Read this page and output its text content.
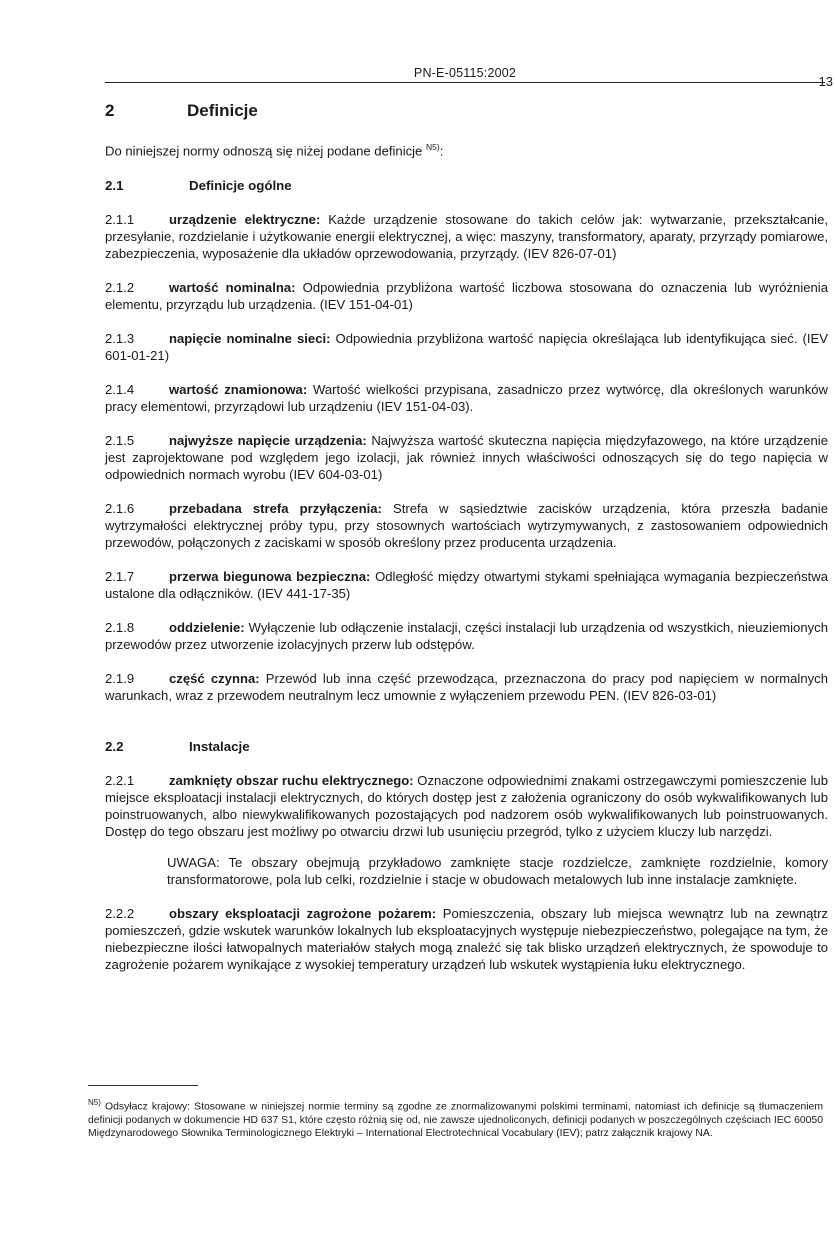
PN-E-05115:2002
13
2	Definicje
Do niniejszej normy odnoszą się niżej podane definicje $^{N5)}$:
2.1	Definicje ogólne
2.1.1	urządzenie elektryczne: Każde urządzenie stosowane do takich celów jak: wytwarzanie, przekształcanie, przesyłanie, rozdzielanie i użytkowanie energii elektrycznej, a więc: maszyny, transformatory, aparaty, przyrządy pomiarowe, zabezpieczenia, wyposażenie dla układów oprzewodowania, przyrządy. (IEV 826-07-01)
2.1.2	wartość nominalna: Odpowiednia przybliżona wartość liczbowa stosowana do oznaczenia lub wyróżnienia elementu, przyrządu lub urządzenia. (IEV 151-04-01)
2.1.3	napięcie nominalne sieci: Odpowiednia przybliżona wartość napięcia określająca lub identyfikująca sieć. (IEV 601-01-21)
2.1.4	wartość znamionowa: Wartość wielkości przypisana, zasadniczo przez wytwórcę, dla określonych warunków pracy elementowi, przyrządowi lub urządzeniu (IEV 151-04-03).
2.1.5	najwyższe napięcie urządzenia: Najwyższa wartość skuteczna napięcia międzyfazowego, na które urządzenie jest zaprojektowane pod względem jego izolacji, jak również innych właściwości odnoszących się do tego napięcia w odpowiednich normach wyrobu (IEV 604-03-01)
2.1.6	przebadana strefa przyłączenia: Strefa w sąsiedztwie zacisków urządzenia, która przeszła badanie wytrzymałości elektrycznej próby typu, przy stosownych wartościach wytrzymywanych, z zastosowaniem odpowiednich przewodów, połączonych z zaciskami w sposób określony przez producenta urządzenia.
2.1.7	przerwa biegunowa bezpieczna: Odległość między otwartymi stykami spełniająca wymagania bezpieczeństwa ustalone dla odłączników. (IEV 441-17-35)
2.1.8	oddzielenie: Wyłączenie lub odłączenie instalacji, części instalacji lub urządzenia od wszystkich, nieuziemionych przewodów przez utworzenie izolacyjnych przerw lub odstępów.
2.1.9	część czynna: Przewód lub inna część przewodząca, przeznaczona do pracy pod napięciem w normalnych warunkach, wraz z przewodem neutralnym lecz umownie z wyłączeniem przewodu PEN. (IEV 826-03-01)
2.2	Instalacje
2.2.1	zamknięty obszar ruchu elektrycznego: Oznaczone odpowiednimi znakami ostrzegawczymi pomieszczenie lub miejsce eksploatacji instalacji elektrycznych, do których dostęp jest z założenia ograniczony do osób wykwalifikowanych lub poinstruowanych, albo niewykwalifikowanych pozostających pod nadzorem osób wykwalifikowanych lub poinstruowanych. Dostęp do tego obszaru jest możliwy po otwarciu drzwi lub usunięciu przegród, tylko z użyciem kluczy lub narzędzi.
UWAGA: Te obszary obejmują przykładowo zamknięte stacje rozdzielcze, zamknięte rozdzielnie, komory transformatorowe, pola lub celki, rozdzielnie i stacje w obudowach metalowych lub inne instalacje zamknięte.
2.2.2	obszary eksploatacji zagrożone pożarem: Pomieszczenia, obszary lub miejsca wewnątrz lub na zewnątrz pomieszczeń, gdzie wskutek warunków lokalnych lub eksploatacyjnych występuje niebezpieczeństwo, polegające na tym, że niebezpieczne ilości łatwopalnych materiałów stałych mogą znaleźć się tak blisko urządzeń elektrycznych, że spowoduje to zagrożenie pożarem wynikające z wysokiej temperatury urządzeń lub wskutek wystąpienia łuku elektrycznego.
$^{N5)}$ Odsyłacz krajowy: Stosowane w niniejszej normie terminy są zgodne ze znormalizowanymi polskimi terminami, natomiast ich definicje są tłumaczeniem definicji podanych w dokumencie HD 637 S1, które często różnią się od, nie zawsze ujednoliconych, definicji podanych w poszczególnych częściach IEC 60050 Międzynarodowego Słownika Terminologicznego Elektryki – International Electrotechnical Vocabulary (IEV); patrz załącznik krajowy NA.
